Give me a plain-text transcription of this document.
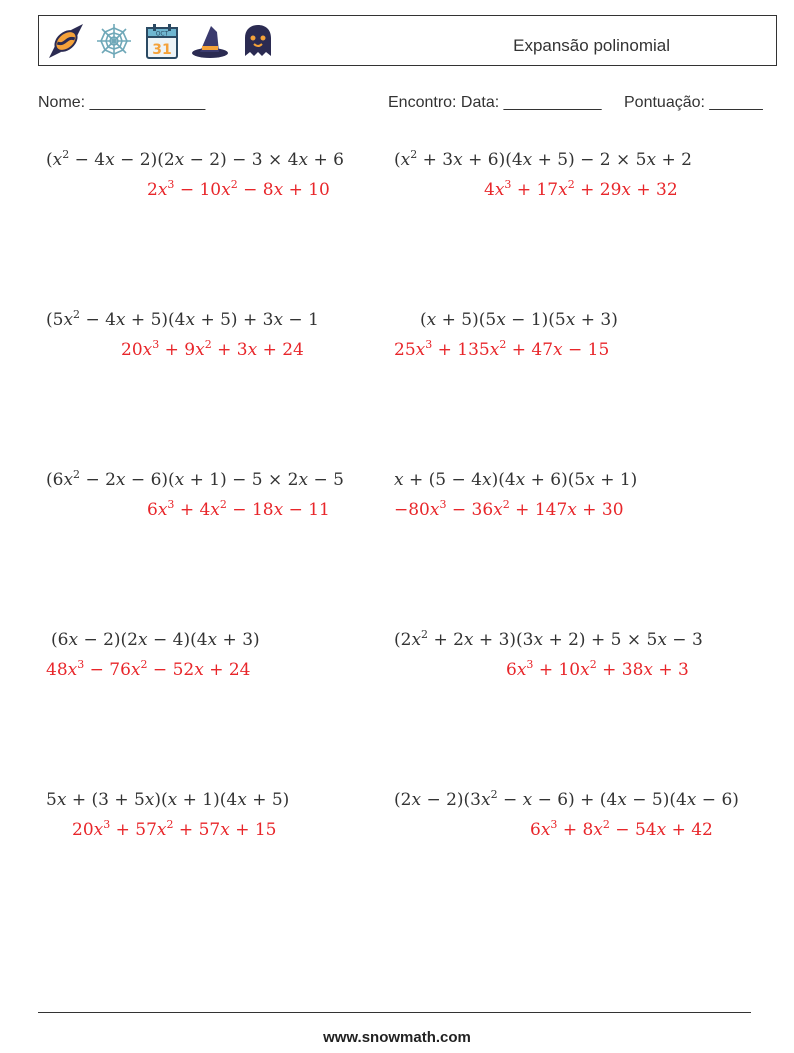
OCT
31	Expansão polinomial
Nome: _____________	Encontro: Data: ___________ Pontuação: ______
$(x^2 - 4x - 2)(2x - 2) - 3 \times 4x + 6$
$2x^3 - 10x^2 - 8x + 10$
$(x^2 + 3x + 6)(4x + 5) - 2 \times 5x + 2$
$4x^3 + 17x^2 + 29x + 32$
$(5x^2 - 4x + 5)(4x + 5) + 3x - 1$
$20x^3 + 9x^2 + 3x + 24$
(x + 5)(5x − 1)(5x + 3)
$25x^3 + 135x^2 + 47x - 15$
$(6x^2 - 2x - 6)(x + 1) - 5 \times 2x - 5$
$6x^3 + 4x^2 - 18x - 11$
x + (5 − 4x)(4x + 6)(5x + 1)
$-80x^3 - 36x^2 + 147x + 30$
(6x − 2)(2x − 4)(4x + 3)
$48x^3 - 76x^2 - 52x + 24$
$(2x^2 + 2x + 3)(3x + 2) + 5 \times 5x - 3$
$6x^3 + 10x^2 + 38x + 3$
5x + (3 + 5x)(x + 1)(4x + 5)
$20x^3 + 57x^2 + 57x + 15$
$(2x - 2)(3x^2 - x - 6) + (4x - 5)(4x - 6)$
$6x^3 + 8x^2 - 54x + 42$
www.snowmath.com
